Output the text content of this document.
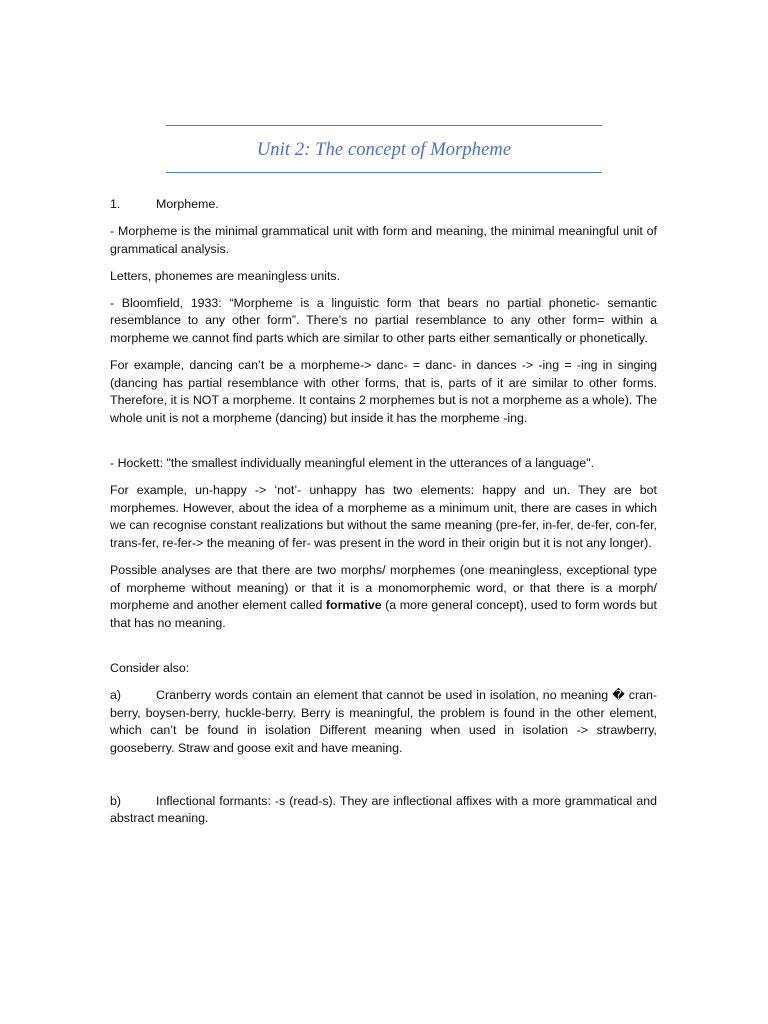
Unit 2: The concept of Morpheme
1.	Morpheme.

- Morpheme is the minimal grammatical unit with form and meaning, the minimal meaningful unit of grammatical analysis.

Letters, phonemes are meaningless units.

- Bloomfield, 1933: “Morpheme is a linguistic form that bears no partial phonetic- semantic resemblance to any other form”. There’s no partial resemblance to any other form= within a morpheme we cannot find parts which are similar to other parts either semantically or phonetically.

For example, dancing can’t be a morpheme-> danc- = danc- in dances -> -ing = -ing in singing (dancing has partial resemblance with other forms, that is, parts of it are similar to other forms. Therefore, it is NOT a morpheme. It contains 2 morphemes but is not a morpheme as a whole). The whole unit is not a morpheme (dancing) but inside it has the morpheme -ing.

- Hockett: "the smallest individually meaningful element in the utterances of a language".

For example, un-happy -> ‘not’- unhappy has two elements: happy and un. They are bot morphemes. However, about the idea of a morpheme as a minimum unit, there are cases in which we can recognise constant realizations but without the same meaning (pre-fer, in-fer, de-fer, con-fer, trans-fer, re-fer-> the meaning of fer- was present in the word in their origin but it is not any longer).

Possible analyses are that there are two morphs/ morphemes (one meaningless, exceptional type of morpheme without meaning) or that it is a monomorphemic word, or that there is a morph/ morpheme and another element called formative (a more general concept), used to form words but that has no meaning.

Consider also:

a)	Cranberry words contain an element that cannot be used in isolation, no meaning � cran-berry, boysen-berry, huckle-berry. Berry is meaningful, the problem is found in the other element, which can’t be found in isolation Different meaning when used in isolation -> strawberry, gooseberry. Straw and goose exit and have meaning.

b)	Inflectional formants: -s (read-s). They are inflectional affixes with a more grammatical and abstract meaning.
